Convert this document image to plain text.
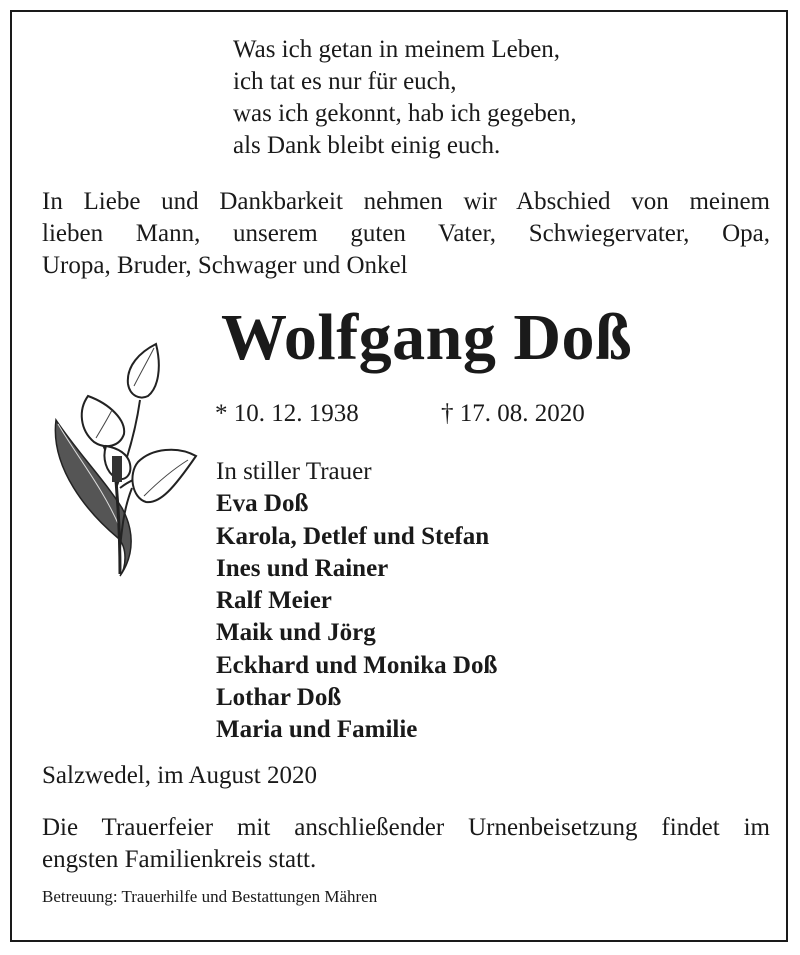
Was ich getan in meinem Leben,
ich tat es nur für euch,
was ich gekonnt, hab ich gegeben,
als Dank bleibt einig euch.
In Liebe und Dankbarkeit nehmen wir Abschied von meinem
lieben Mann, unserem guten Vater, Schwiegervater, Opa,
Uropa, Bruder, Schwager und Onkel
Wolfgang Doß
* 10. 12. 1938	† 17. 08. 2020
In stiller Trauer
Eva Doß
Karola, Detlef und Stefan
Ines und Rainer
Ralf Meier
Maik und Jörg
Eckhard und Monika Doß
Lothar Doß
Maria und Familie
Salzwedel, im August 2020
Die Trauerfeier mit anschließender Urnenbeisetzung findet im
engsten Familienkreis statt.
Betreuung: Trauerhilfe und Bestattungen Mähren
